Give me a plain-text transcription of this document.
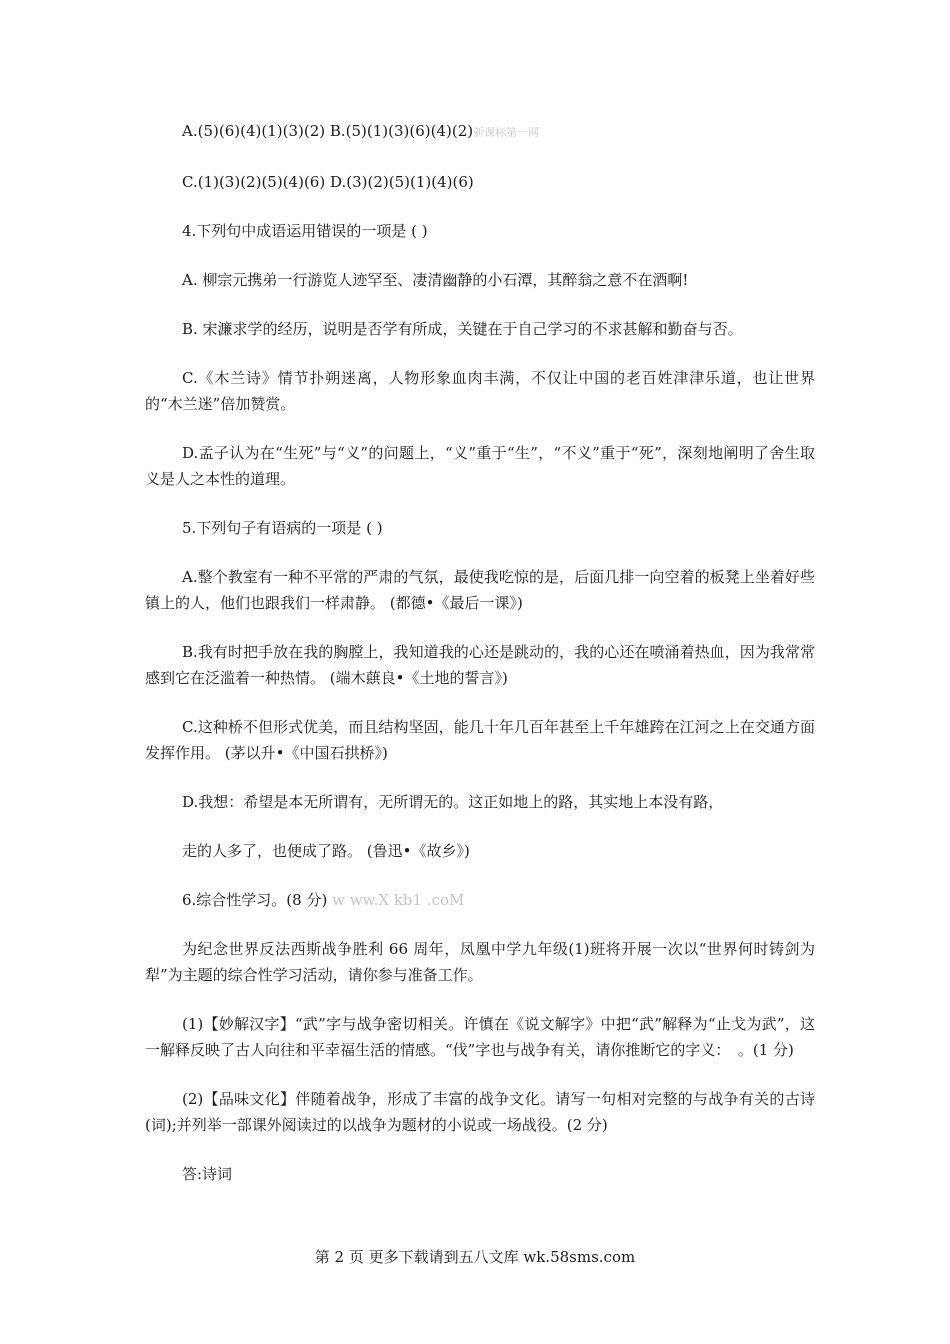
A.(5)(6)(4)(1)(3)(2) B.(5)(1)(3)(6)(4)(2)新课标第一网

C.(1)(3)(2)(5)(4)(6) D.(3)(2)(5)(1)(4)(6)

4.下列句中成语运用错误的一项是 ( )

A. 柳宗元携弟一行游览人迹罕至、凄清幽静的小石潭，其醉翁之意不在酒啊!

B. 宋濂求学的经历，说明是否学有所成，关键在于自己学习的不求甚解和勤奋与否。

C.《木兰诗》情节扑朔迷离，人物形象血肉丰满，不仅让中国的老百姓津津乐道，也让世界的“木兰迷”倍加赞赏。

D.孟子认为在“生死”与“义”的问题上，“义”重于“生”，“不义”重于“死”，深刻地阐明了舍生取义是人之本性的道理。

5.下列句子有语病的一项是 ( )

A.整个教室有一种不平常的严肃的气氛，最使我吃惊的是，后面几排一向空着的板凳上坐着好些镇上的人，他们也跟我们一样肃静。 (都德•《最后一课》)

B.我有时把手放在我的胸膛上，我知道我的心还是跳动的，我的心还在喷涌着热血，因为我常常感到它在泛滥着一种热情。 (端木蕻良•《土地的誓言》)

C.这种桥不但形式优美，而且结构坚固，能几十年几百年甚至上千年雄跨在江河之上在交通方面发挥作用。 (茅以升•《中国石拱桥》)

D.我想：希望是本无所谓有，无所谓无的。这正如地上的路，其实地上本没有路，

走的人多了，也便成了路。 (鲁迅•《故乡》)

6.综合性学习。(8 分) w ww.X kb1 .coM

为纪念世界反法西斯战争胜利 66 周年，凤凰中学九年级(1)班将开展一次以“世界何时铸剑为犁”为主题的综合性学习活动，请你参与准备工作。

(1)【妙解汉字】“武”字与战争密切相关。许慎在《说文解字》中把“武”解释为“止戈为武”，这一解释反映了古人向往和平幸福生活的情感。“伐”字也与战争有关，请你推断它的字义：　。(1 分)

(2)【品味文化】伴随着战争，形成了丰富的战争文化。请写一句相对完整的与战争有关的古诗(词);并列举一部课外阅读过的以战争为题材的小说或一场战役。(2 分)

答:诗词

第 2 页 更多下载请到五八文库 wk.58sms.com
